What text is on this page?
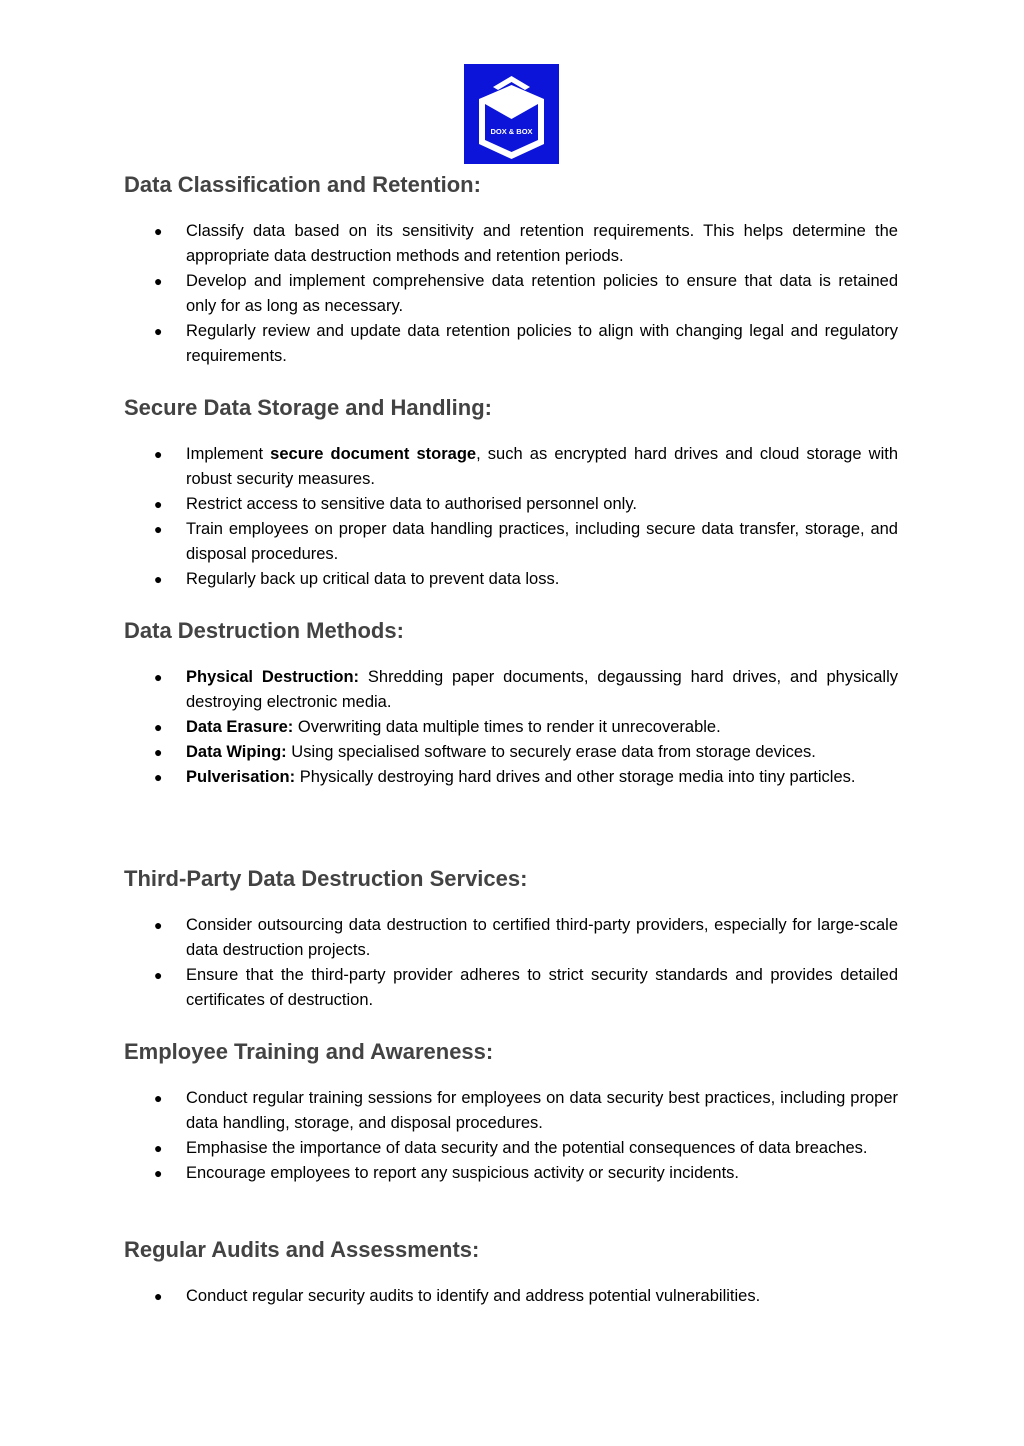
DOX & BOX
Data Classification and Retention:
● Classify data based on its sensitivity and retention requirements. This helps determine the appropriate data destruction methods and retention periods.
● Develop and implement comprehensive data retention policies to ensure that data is retained only for as long as necessary.
● Regularly review and update data retention policies to align with changing legal and regulatory requirements.
Secure Data Storage and Handling:
● Implement secure document storage, such as encrypted hard drives and cloud storage with robust security measures.
● Restrict access to sensitive data to authorised personnel only.
● Train employees on proper data handling practices, including secure data transfer, storage, and disposal procedures.
● Regularly back up critical data to prevent data loss.
Data Destruction Methods:
● Physical Destruction: Shredding paper documents, degaussing hard drives, and physically destroying electronic media.
● Data Erasure: Overwriting data multiple times to render it unrecoverable.
● Data Wiping: Using specialised software to securely erase data from storage devices.
● Pulverisation: Physically destroying hard drives and other storage media into tiny particles.
Third-Party Data Destruction Services:
● Consider outsourcing data destruction to certified third-party providers, especially for large-scale data destruction projects.
● Ensure that the third-party provider adheres to strict security standards and provides detailed certificates of destruction.
Employee Training and Awareness:
● Conduct regular training sessions for employees on data security best practices, including proper data handling, storage, and disposal procedures.
● Emphasise the importance of data security and the potential consequences of data breaches.
● Encourage employees to report any suspicious activity or security incidents.
Regular Audits and Assessments:
● Conduct regular security audits to identify and address potential vulnerabilities.
